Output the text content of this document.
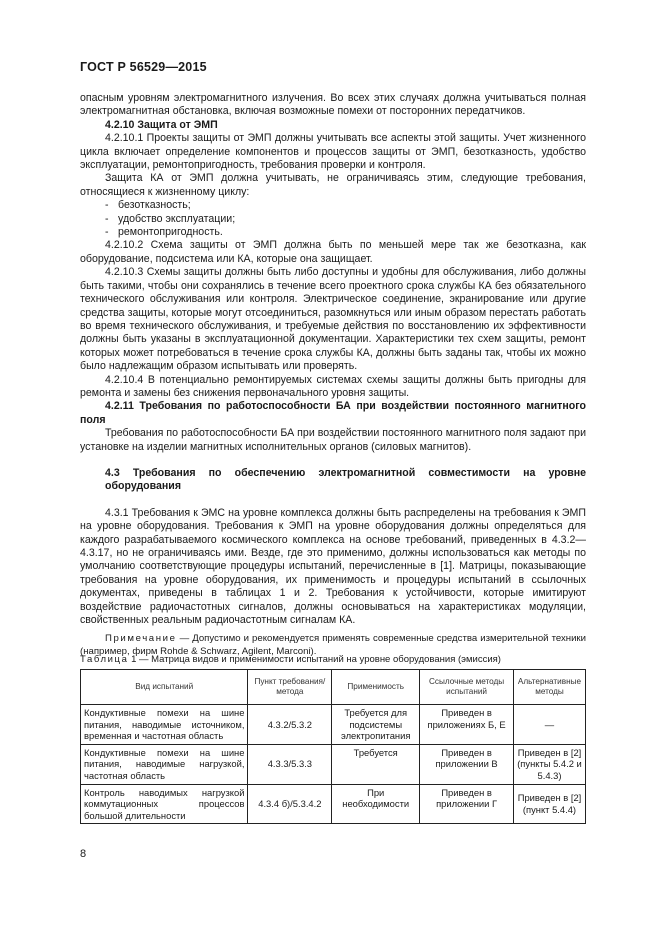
ГОСТ Р 56529—2015

опасным уровням электромагнитного излучения. Во всех этих случаях должна учитываться полная электромагнитная обстановка, включая возможные помехи от посторонних передатчиков.

4.2.10 Защита от ЭМП

4.2.10.1 Проекты защиты от ЭМП должны учитывать все аспекты этой защиты. Учет жизненного цикла включает определение компонентов и процессов защиты от ЭМП, безотказность, удобство эксплуатации, ремонтопригодность, требования проверки и контроля.

Защита КА от ЭМП должна учитывать, не ограничиваясь этим, следующие требования, относящиеся к жизненному циклу:

- безотказность;

- удобство эксплуатации;

- ремонтопригодность.

4.2.10.2 Схема защиты от ЭМП должна быть по меньшей мере так же безотказна, как оборудование, подсистема или КА, которые она защищает.

4.2.10.3 Схемы защиты должны быть либо доступны и удобны для обслуживания, либо должны быть такими, чтобы они сохранялись в течение всего проектного срока службы КА без обязательного технического обслуживания или контроля. Электрическое соединение, экранирование или другие средства защиты, которые могут отсоединиться, разомкнуться или иным образом перестать работать во время технического обслуживания, и требуемые действия по восстановлению их эффективности должны быть указаны в эксплуатационной документации. Характеристики тех схем защиты, ремонт которых может потребоваться в течение срока службы КА, должны быть заданы так, чтобы их можно было надлежащим образом испытывать или проверять.

4.2.10.4 В потенциально ремонтируемых системах схемы защиты должны быть пригодны для ремонта и замены без снижения первоначального уровня защиты.

4.2.11 Требования по работоспособности БА при воздействии постоянного магнитного поля

Требования по работоспособности БА при воздействии постоянного магнитного поля задают при установке на изделии магнитных исполнительных органов (силовых магнитов).

4.3 Требования по обеспечению электромагнитной совместимости на уровне оборудования

4.3.1 Требования к ЭМС на уровне комплекса должны быть распределены на требования к ЭМП на уровне оборудования. Требования к ЭМП на уровне оборудования должны определяться для каждого разрабатываемого космического комплекса на основе требований, приведенных в 4.3.2—4.3.17, но не ограничиваясь ими. Везде, где это применимо, должны использоваться как методы по умолчанию соответствующие процедуры испытаний, перечисленные в [1]. Матрицы, показывающие требования на уровне оборудования, их применимость и процедуры испытаний в ссылочных документах, приведены в таблицах 1 и 2. Требования к устойчивости, которые имитируют воздействие радиочастотных сигналов, должны основываться на характеристиках модуляции, свойственных реальным радиочастотным сигналам КА.

Примечание — Допустимо и рекомендуется применять современные средства измерительной техники (например, фирм Rohde & Schwarz, Agilent, Marconi).

Таблица 1 — Матрица видов и применимости испытаний на уровне оборудования (эмиссия)
Вид испытаний	Пункт требования/ метода	Применимость	Ссылочные методы испытаний	Альтернативные методы
Кондуктивные помехи на шине питания, наводимые источником, временная и частотная область	4.3.2/5.3.2	Требуется для подсистемы электропитания	Приведен в приложениях Б, Е	—
Кондуктивные помехи на шине питания, наводимые нагрузкой, частотная область	4.3.3/5.3.3	Требуется	Приведен в приложении В	Приведен в [2] (пункты 5.4.2 и 5.4.3)
Контроль наводимых нагрузкой коммутационных процессов большой длительности	4.3.4 б)/5.3.4.2	При необходимости	Приведен в приложении Г	Приведен в [2] (пункт 5.4.4)
8
